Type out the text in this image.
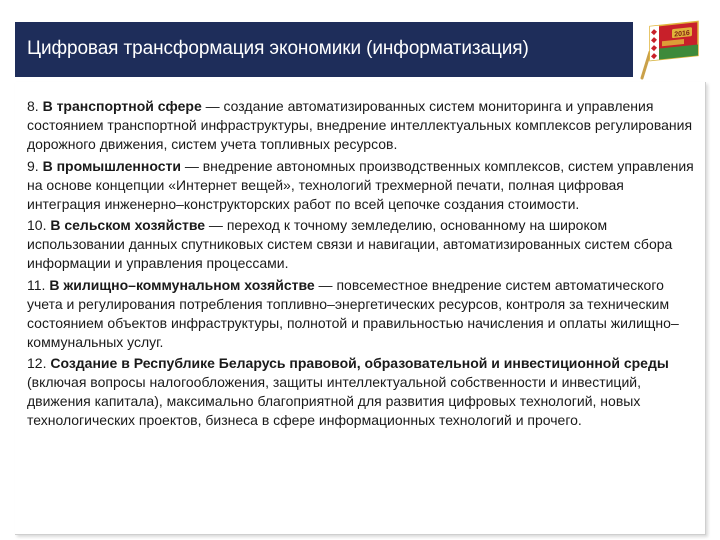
Цифровая трансформация экономики (информатизация)
2016
8. В транспортной сфере — создание автоматизированных систем мониторинга и управления состоянием транспортной инфраструктуры, внедрение интеллектуальных комплексов регулирования дорожного движения, систем учета топливных ресурсов.
9. В промышленности — внедрение автономных производственных комплексов, систем управления на основе концепции «Интернет вещей», технологий трехмерной печати, полная цифровая интеграция инженерно–конструкторских работ по всей цепочке создания стоимости.
10. В сельском хозяйстве — переход к точному земледелию, основанному на широком использовании данных спутниковых систем связи и навигации, автоматизированных систем сбора информации и управления процессами.
11. В жилищно–коммунальном хозяйстве — повсеместное внедрение систем автоматического учета и регулирования потребления топливно–энергетических ресурсов, контроля за техническим состоянием объектов инфраструктуры, полнотой и правильностью начисления и оплаты жилищно–коммунальных услуг.
12. Создание в Республике Беларусь правовой, образовательной и инвестиционной среды (включая вопросы налогообложения, защиты интеллектуальной собственности и инвестиций, движения капитала), максимально благоприятной для развития цифровых технологий, новых технологических проектов, бизнеса в сфере информационных технологий и прочего.
